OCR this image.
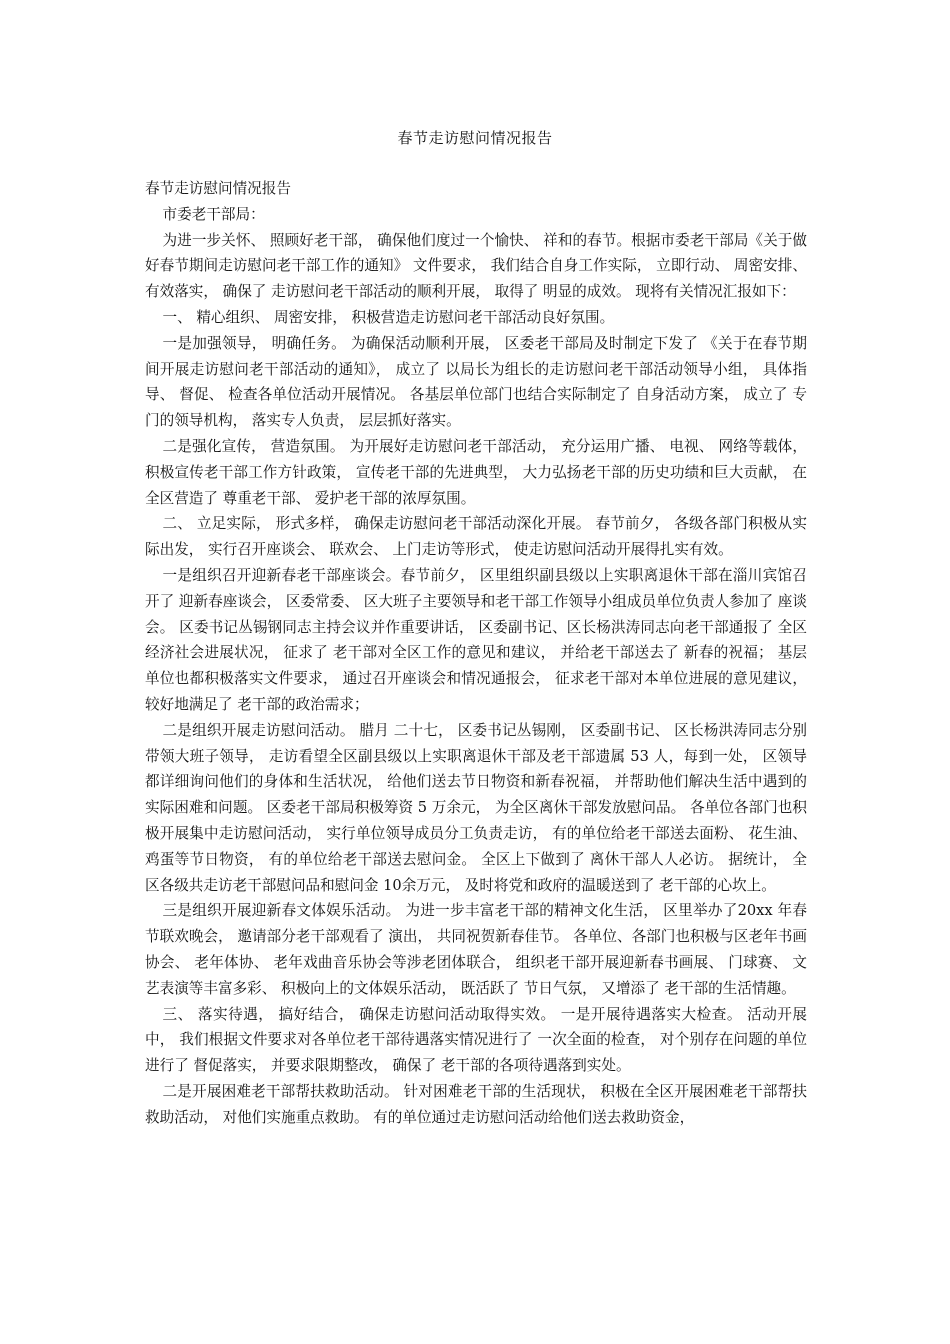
春节走访慰问情况报告

春节走访慰问情况报告

市委老干部局：

为进一步关怀、 照顾好老干部， 确保他们度过一个愉快、 祥和的春节。根据市委老干部局《关于做好春节期间走访慰问老干部工作的通知》 文件要求， 我们结合自身工作实际， 立即行动、 周密安排、 有效落实， 确保了 走访慰问老干部活动的顺利开展， 取得了 明显的成效。 现将有关情况汇报如下：

一、 精心组织、 周密安排， 积极营造走访慰问老干部活动良好氛围。

一是加强领导， 明确任务。 为确保活动顺利开展， 区委老干部局及时制定下发了 《关于在春节期间开展走访慰问老干部活动的通知》， 成立了 以局长为组长的走访慰问老干部活动领导小组， 具体指导、 督促、 检查各单位活动开展情况。 各基层单位部门也结合实际制定了 自身活动方案， 成立了 专门的领导机构， 落实专人负责， 层层抓好落实。

二是强化宣传， 营造氛围。 为开展好走访慰问老干部活动， 充分运用广播、 电视、 网络等载体， 积极宣传老干部工作方针政策， 宣传老干部的先进典型， 大力弘扬老干部的历史功绩和巨大贡献， 在全区营造了 尊重老干部、 爱护老干部的浓厚氛围。

二、 立足实际， 形式多样， 确保走访慰问老干部活动深化开展。 春节前夕， 各级各部门积极从实际出发， 实行召开座谈会、 联欢会、 上门走访等形式， 使走访慰问活动开展得扎实有效。

一是组织召开迎新春老干部座谈会。春节前夕， 区里组织副县级以上实职离退休干部在淄川宾馆召开了 迎新春座谈会， 区委常委、 区大班子主要领导和老干部工作领导小组成员单位负责人参加了 座谈会。 区委书记丛锡钢同志主持会议并作重要讲话， 区委副书记、区长杨洪涛同志向老干部通报了 全区经济社会进展状况， 征求了 老干部对全区工作的意见和建议， 并给老干部送去了 新春的祝福； 基层单位也都积极落实文件要求， 通过召开座谈会和情况通报会， 征求老干部对本单位进展的意见建议， 较好地满足了 老干部的政治需求；

二是组织开展走访慰问活动。 腊月 二十七， 区委书记丛锡刚， 区委副书记、 区长杨洪涛同志分别带领大班子领导， 走访看望全区副县级以上实职离退休干部及老干部遗属 53 人，每到一处， 区领导都详细询问他们的身体和生活状况， 给他们送去节日物资和新春祝福， 并帮助他们解决生活中遇到的实际困难和问题。 区委老干部局积极筹资 5 万余元， 为全区离休干部发放慰问品。 各单位各部门也积极开展集中走访慰问活动， 实行单位领导成员分工负责走访， 有的单位给老干部送去面粉、 花生油、 鸡蛋等节日物资， 有的单位给老干部送去慰问金。 全区上下做到了 离休干部人人必访。 据统计， 全区各级共走访老干部慰问品和慰问金 10余万元， 及时将党和政府的温暖送到了 老干部的心坎上。

三是组织开展迎新春文体娱乐活动。 为进一步丰富老干部的精神文化生活， 区里举办了20xx 年春节联欢晚会， 邀请部分老干部观看了 演出， 共同祝贺新春佳节。 各单位、各部门也积极与区老年书画协会、 老年体协、 老年戏曲音乐协会等涉老团体联合， 组织老干部开展迎新春书画展、 门球赛、 文艺表演等丰富多彩、 积极向上的文体娱乐活动， 既活跃了 节日气氛， 又增添了 老干部的生活情趣。

三、 落实待遇， 搞好结合， 确保走访慰问活动取得实效。 一是开展待遇落实大检查。 活动开展中， 我们根据文件要求对各单位老干部待遇落实情况进行了 一次全面的检查， 对个别存在问题的单位进行了 督促落实， 并要求限期整改， 确保了 老干部的各项待遇落到实处。

二是开展困难老干部帮扶救助活动。 针对困难老干部的生活现状， 积极在全区开展困难老干部帮扶救助活动， 对他们实施重点救助。 有的单位通过走访慰问活动给他们送去救助资金，
